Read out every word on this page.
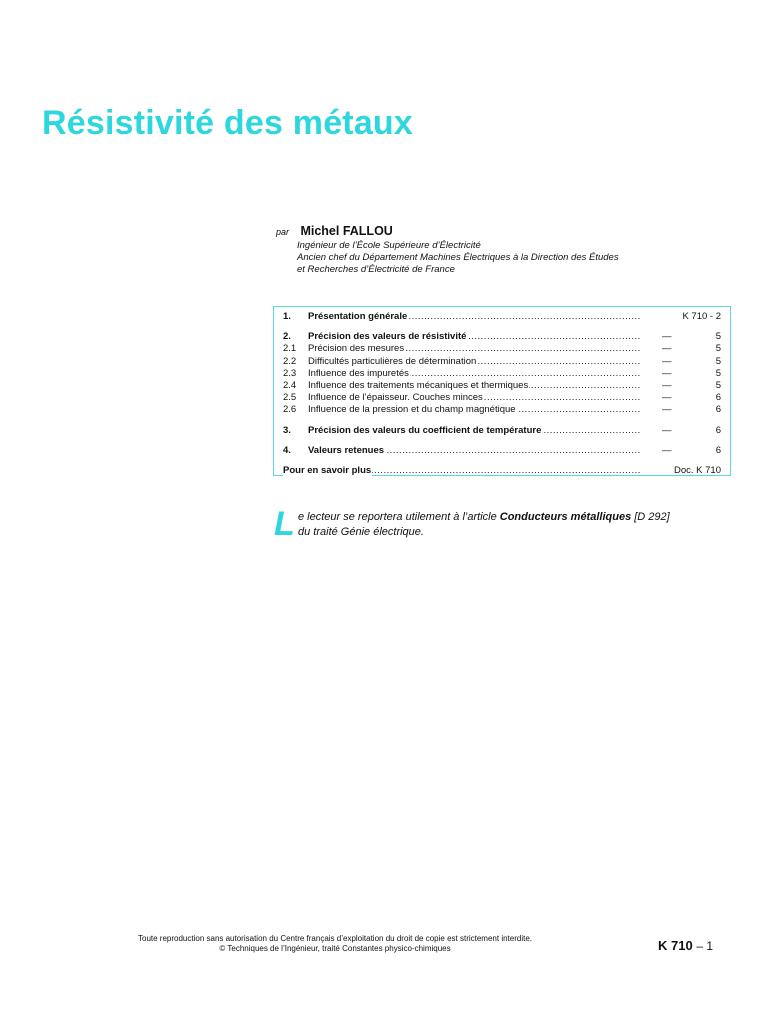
Résistivité des métaux
par Michel FALLOU
Ingénieur de l’École Supérieure d’Électricité
Ancien chef du Département Machines Électriques à la Direction des Études
et Recherches d’Électricité de France
1.	Présentation générale .....	K 710 - 2
2.	Précision des valeurs de résistivité .....	—	5
2.1	Précision des mesures .....	—	5
2.2	Difficultés particulières de détermination .....	—	5
2.3	Influence des impuretés .....	—	5
2.4	Influence des traitements mécaniques et thermiques .....	—	5
2.5	Influence de l’épaisseur. Couches minces .....	—	6
2.6	Influence de la pression et du champ magnétique .....	—	6
3.	Précision des valeurs du coefficient de température .....	—	6
4.	Valeurs retenues .....	—	6
Pour en savoir plus .....	Doc. K 710
L e lecteur se reportera utilement à l’article Conducteurs métalliques [D 292]
du traité Génie électrique.
Toute reproduction sans autorisation du Centre français d’exploitation du droit de copie est strictement interdite.
© Techniques de l’Ingénieur, traité Constantes physico-chimiques	K 710 – 1
